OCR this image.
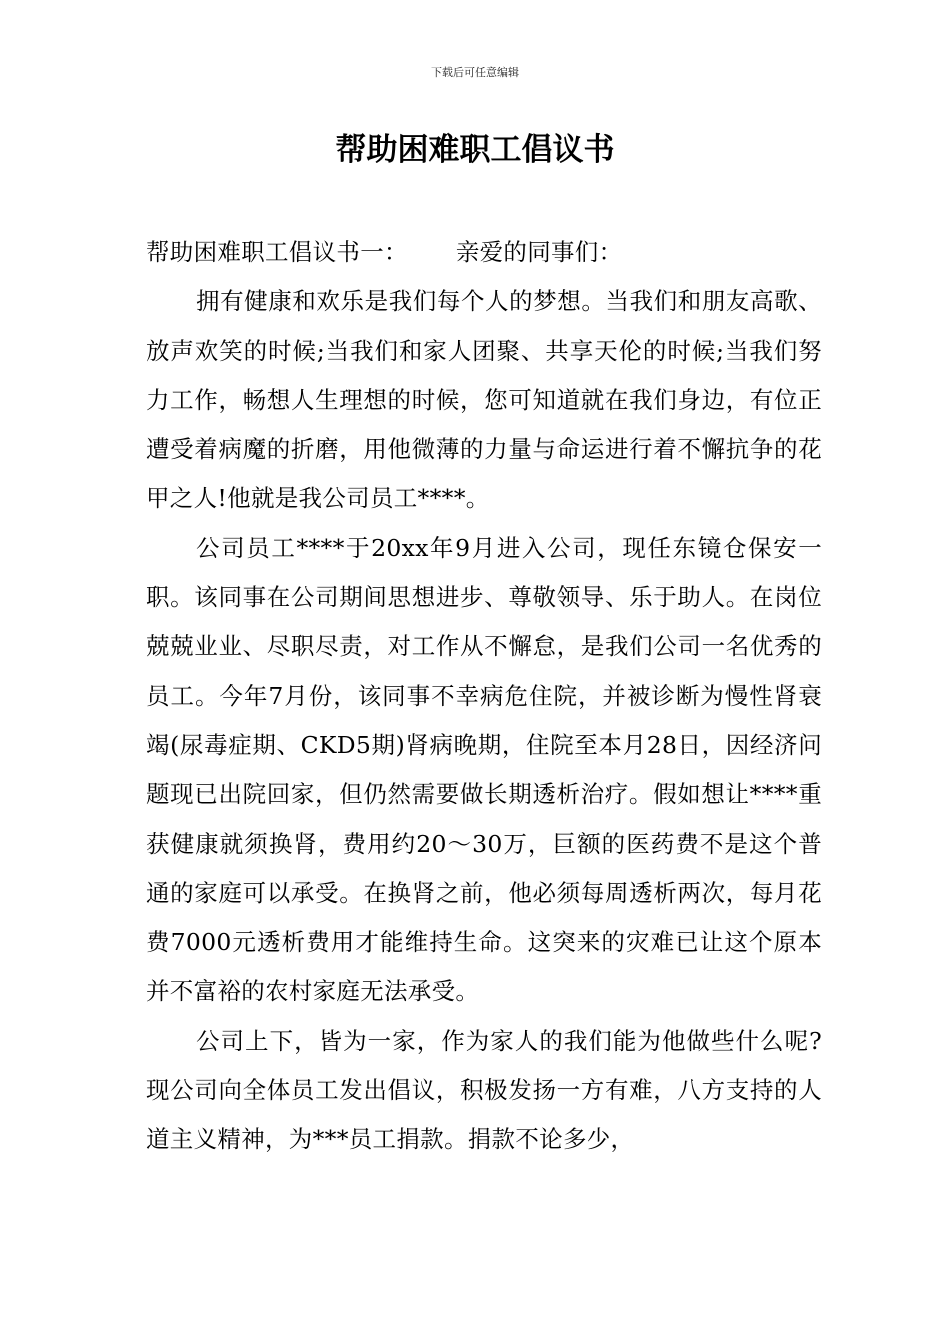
下载后可任意编辑
帮助困难职工倡议书

帮助困难职工倡议书一： 亲爱的同事们：

拥有健康和欢乐是我们每个人的梦想。当我们和朋友高歌、放声欢笑的时候;当我们和家人团聚、共享天伦的时候;当我们努力工作，畅想人生理想的时候，您可知道就在我们身边，有位正遭受着病魔的折磨，用他微薄的力量与命运进行着不懈抗争的花甲之人!他就是我公司员工****。

公司员工****于20xx年9月进入公司，现任东镜仓保安一职。该同事在公司期间思想进步、尊敬领导、乐于助人。在岗位兢兢业业、尽职尽责，对工作从不懈怠，是我们公司一名优秀的员工。今年7月份，该同事不幸病危住院，并被诊断为慢性肾衰竭(尿毒症期、CKD5期)肾病晚期，住院至本月28日，因经济问题现已出院回家，但仍然需要做长期透析治疗。假如想让****重获健康就须换肾，费用约20～30万，巨额的医药费不是这个普通的家庭可以承受。在换肾之前，他必须每周透析两次，每月花费7000元透析费用才能维持生命。这突来的灾难已让这个原本并不富裕的农村家庭无法承受。

公司上下，皆为一家，作为家人的我们能为他做些什么呢?现公司向全体员工发出倡议，积极发扬一方有难，八方支持的人道主义精神，为***员工捐款。捐款不论多少，
